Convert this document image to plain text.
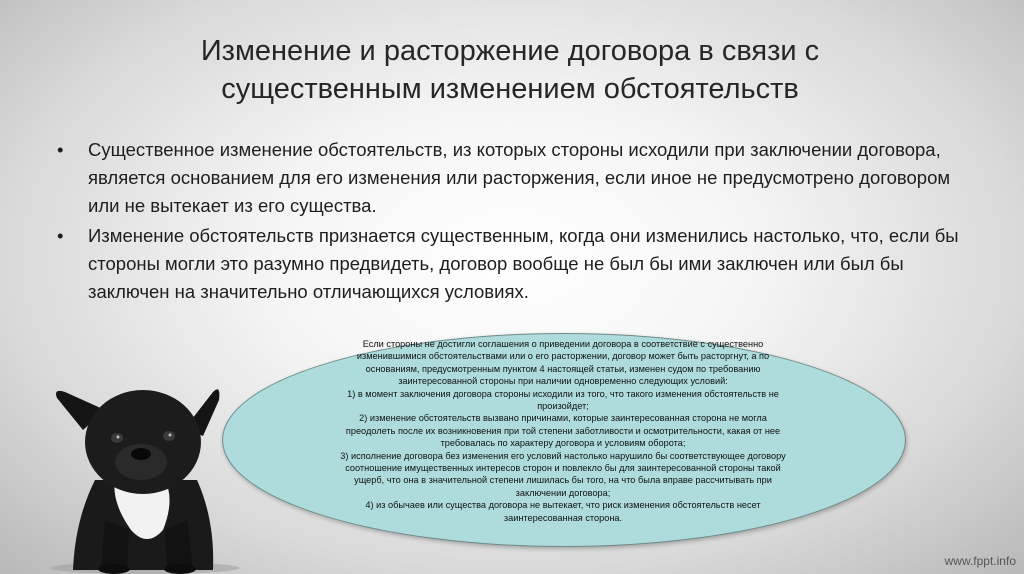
Изменение и расторжение договора в связи с
существенным изменением обстоятельств
• Существенное изменение обстоятельств, из которых стороны исходили при заключении договора, является основанием для его изменения или расторжения, если иное не предусмотрено договором или не вытекает из его существа.
• Изменение обстоятельств признается существенным, когда они изменились настолько, что, если бы стороны могли это разумно предвидеть, договор вообще не был бы ими заключен или был бы заключен на значительно отличающихся условиях.
Если стороны не достигли соглашения о приведении договора в соответствие с существенно
изменившимися обстоятельствами или о его расторжении, договор может быть расторгнут, а по
основаниям, предусмотренным пунктом 4 настоящей статьи, изменен судом по требованию
заинтересованной стороны при наличии одновременно следующих условий:
1) в момент заключения договора стороны исходили из того, что такого изменения обстоятельств не
произойдет;
2) изменение обстоятельств вызвано причинами, которые заинтересованная сторона не могла
преодолеть после их возникновения при той степени заботливости и осмотрительности, какая от нее
требовалась по характеру договора и условиям оборота;
3) исполнение договора без изменения его условий настолько нарушило бы соответствующее договору
соотношение имущественных интересов сторон и повлекло бы для заинтересованной стороны такой
ущерб, что она в значительной степени лишилась бы того, на что была вправе рассчитывать при
заключении договора;
4) из обычаев или существа договора не вытекает, что риск изменения обстоятельств несет
заинтересованная сторона.
www.fppt.info
